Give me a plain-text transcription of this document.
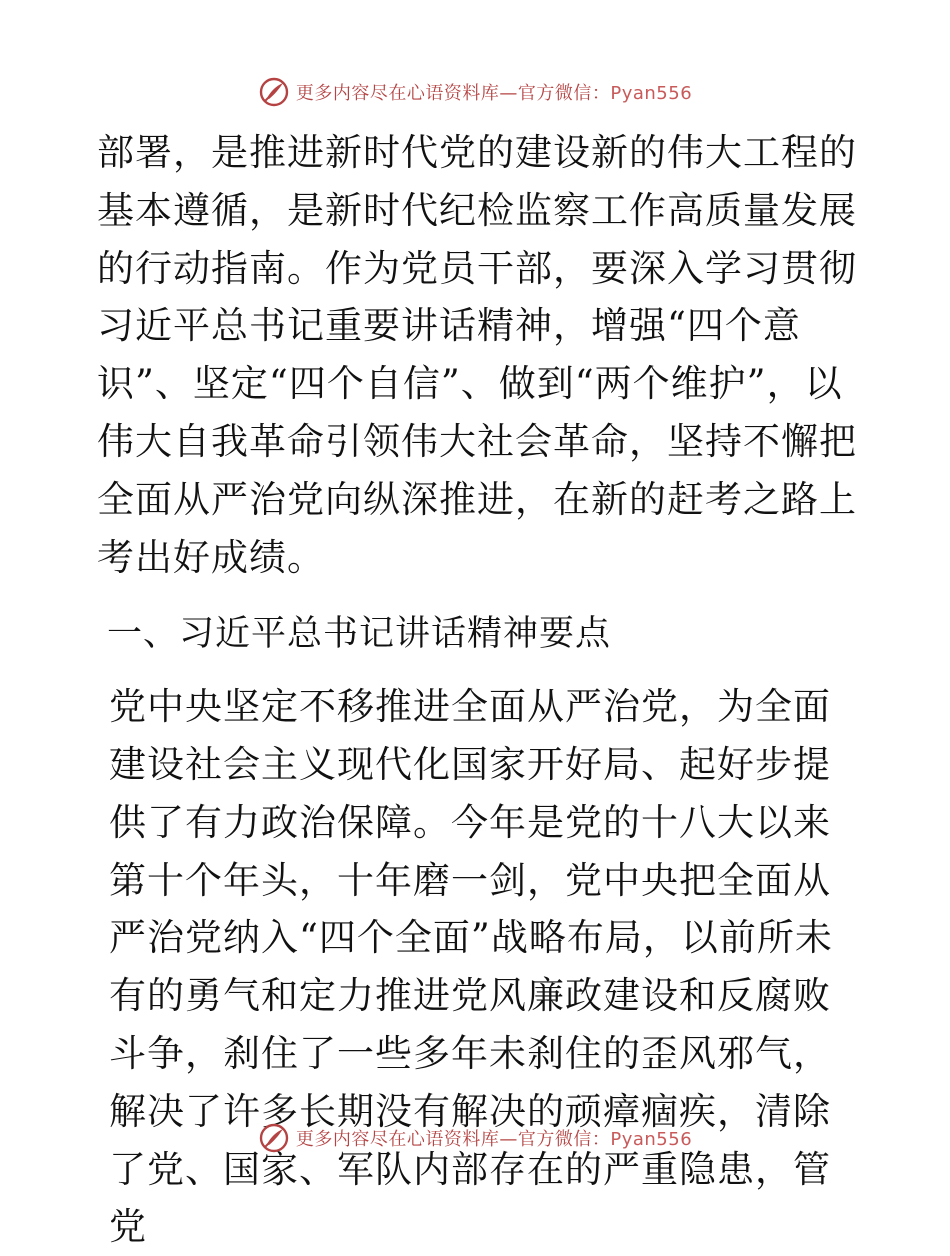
更多内容尽在心语资料库—官方微信：Pyan556

部署，是推进新时代党的建设新的伟大工程的基本遵循，是新时代纪检监察工作高质量发展的行动指南。作为党员干部，要深入学习贯彻习近平总书记重要讲话精神，增强“四个意识”、坚定“四个自信”、做到“两个维护”，以伟大自我革命引领伟大社会革命，坚持不懈把全面从严治党向纵深推进，在新的赶考之路上考出好成绩。

一、习近平总书记讲话精神要点

党中央坚定不移推进全面从严治党，为全面建设社会主义现代化国家开好局、起好步提供了有力政治保障。今年是党的十八大以来第十个年头，十年磨一剑，党中央把全面从严治党纳入“四个全面”战略布局，以前所未有的勇气和定力推进党风廉政建设和反腐败斗争，刹住了一些多年未刹住的歪风邪气，解决了许多长期没有解决的顽瘴痼疾，清除了党、国家、军队内部存在的严重隐患，管党

更多内容尽在心语资料库—官方微信：Pyan556
